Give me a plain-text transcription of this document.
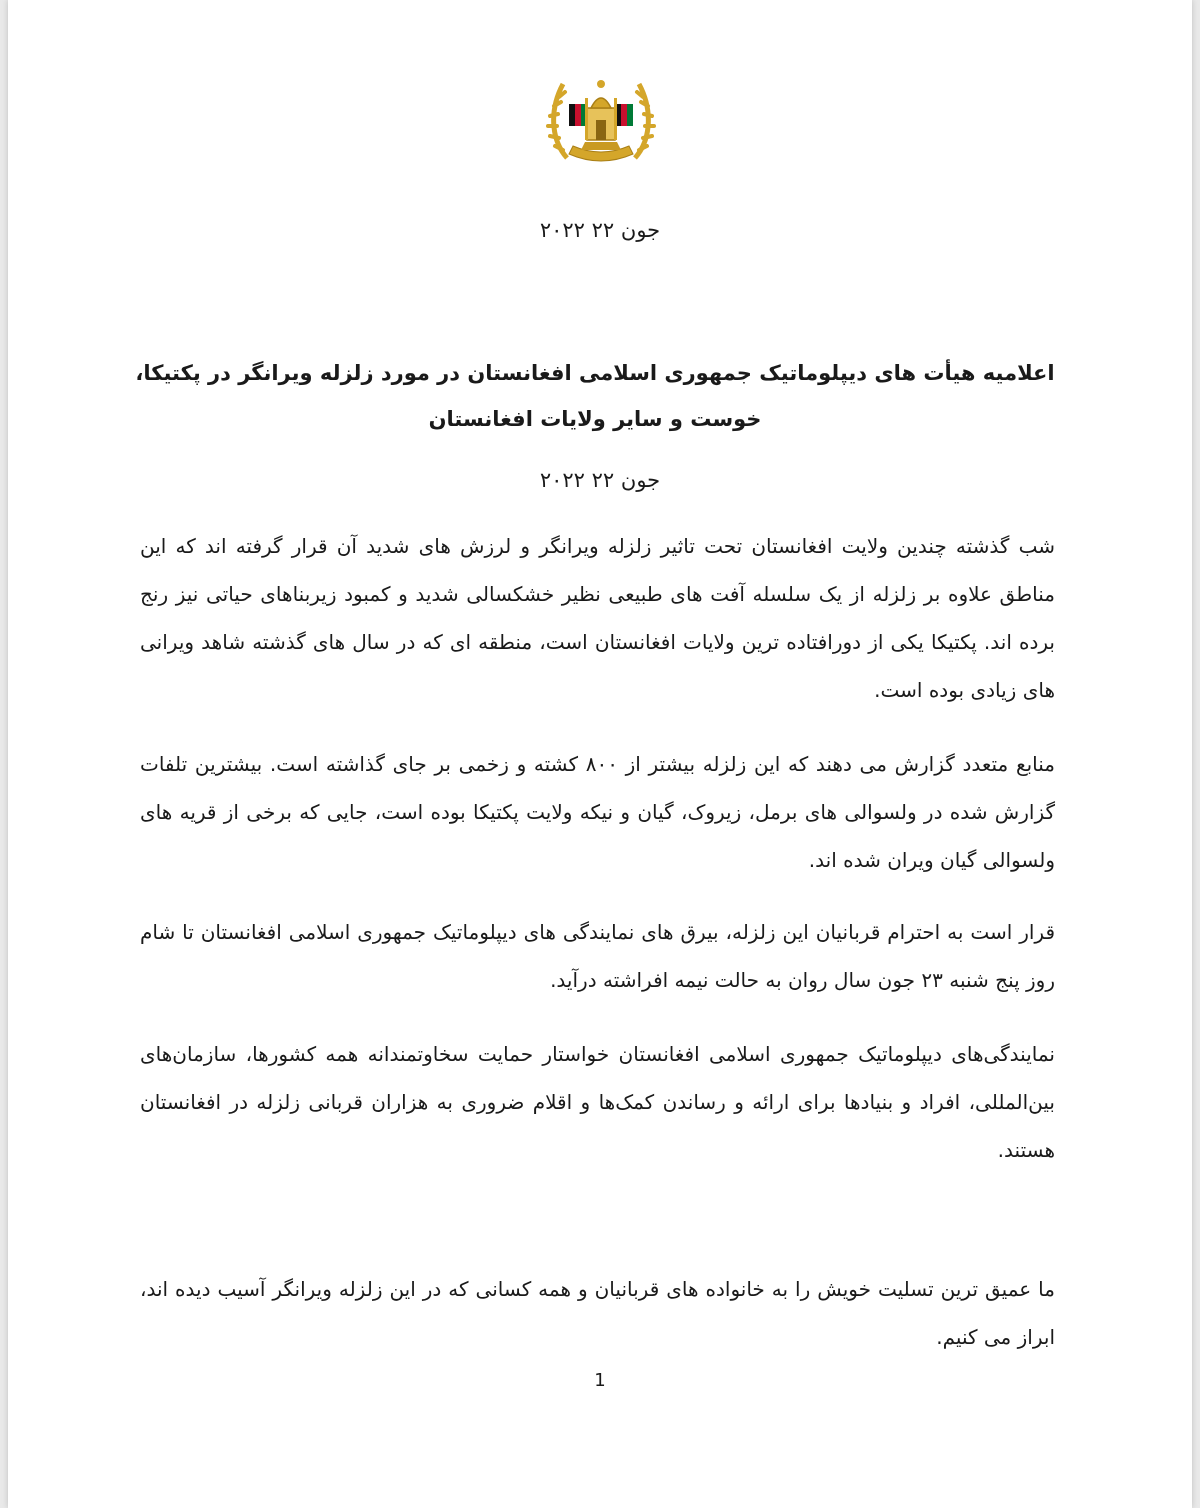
جون ۲۲ ۲۰۲۲
اعلامیه هیأت های دیپلوماتیک جمهوری اسلامی افغانستان در مورد زلزله ویرانگر در پکتیکا، خوست و سایر ولایات افغانستان
جون ۲۲ ۲۰۲۲
شب گذشته چندین ولایت افغانستان تحت تاثیر زلزله ویرانگر و لرزش های شدید آن قرار گرفته اند که این مناطق علاوه بر زلزله از یک سلسله آفت های طبیعی نظیر خشکسالی شدید و کمبود زیربناهای حیاتی نیز رنج برده اند. پکتیکا یکی از دورافتاده ترین ولایات افغانستان است، منطقه ای که در سال های گذشته شاهد ویرانی های زیادی بوده است.
منابع متعدد گزارش می دهند که این زلزله بیشتر از ۸۰۰ کشته و زخمی بر جای گذاشته است. بیشترین تلفات گزارش شده در ولسوالی های برمل، زیروک، گیان و نیکه ولایت پکتیکا بوده است، جایی که برخی از قریه های ولسوالی گیان ویران شده اند.
قرار است به احترام قربانیان این زلزله، بیرق های نمایندگی های دیپلوماتیک جمهوری اسلامی افغانستان تا شام روز پنج شنبه ۲۳ جون سال روان به حالت نیمه افراشته درآید.
نمایندگی‌های دیپلوماتیک جمهوری اسلامی افغانستان خواستار حمایت سخاوتمندانه همه کشورها، سازمان‌های بین‌المللی، افراد و بنیادها برای ارائه و رساندن کمک‌ها و اقلام ضروری به هزاران قربانی زلزله در افغانستان هستند.
ما عمیق ترین تسلیت خویش را به خانواده های قربانیان و همه کسانی که در این زلزله ویرانگر آسیب دیده اند، ابراز می کنیم.
1
